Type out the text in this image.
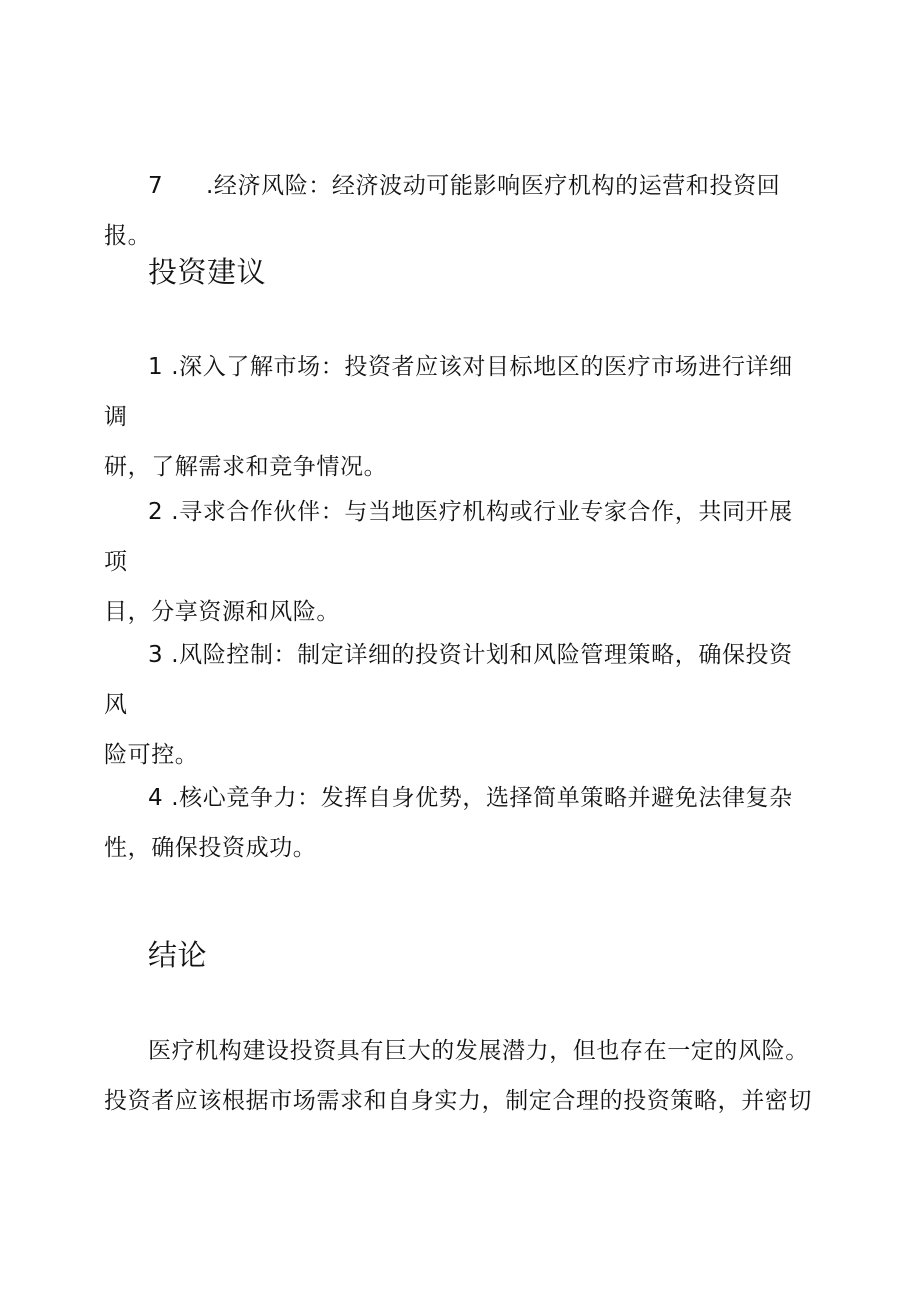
7 .经济风险：经济波动可能影响医疗机构的运营和投资回报。

投资建议
1 .深入了解市场：投资者应该对目标地区的医疗市场进行详细调
研，了解需求和竞争情况。
2 .寻求合作伙伴：与当地医疗机构或行业专家合作，共同开展项
目，分享资源和风险。
3 .风险控制：制定详细的投资计划和风险管理策略，确保投资风
险可控。
4 .核心竞争力：发挥自身优势，选择简单策略并避免法律复杂
性，确保投资成功。
结论
医疗机构建设投资具有巨大的发展潜力，但也存在一定的风险。
投资者应该根据市场需求和自身实力，制定合理的投资策略，并密切
